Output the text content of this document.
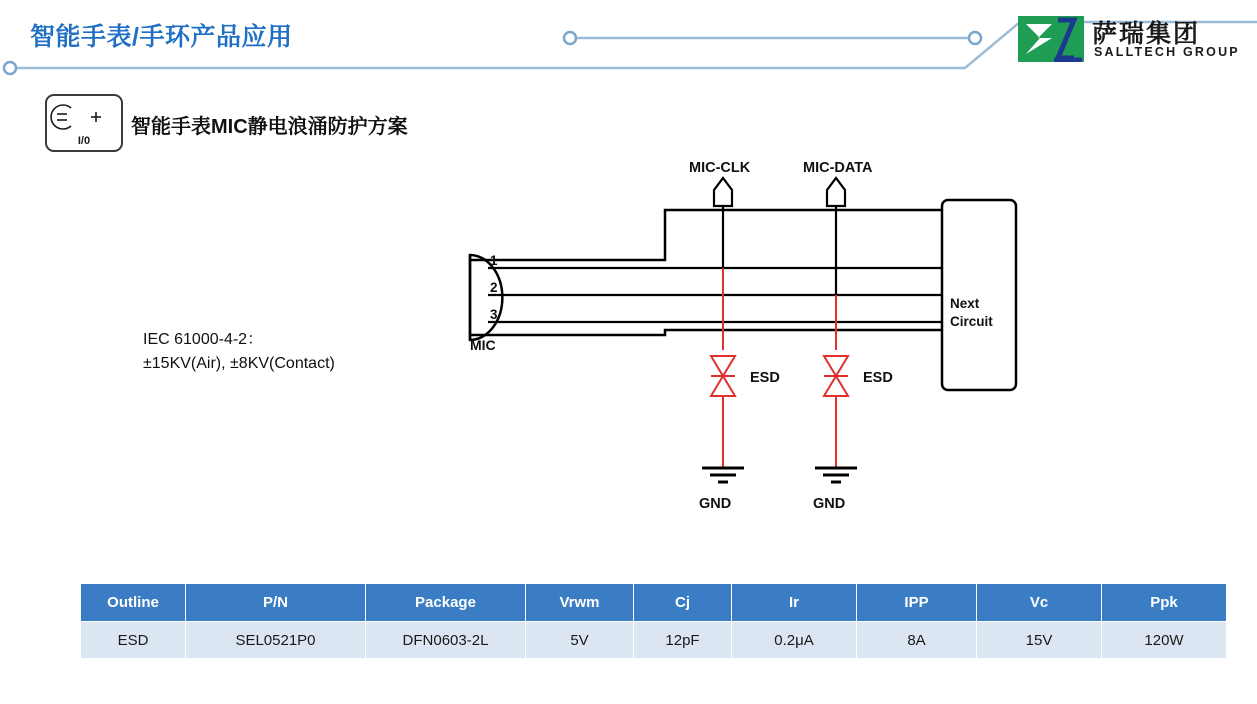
智能手表/手环产品应用	萨瑞集团
SALLTECH GROUP
I/0
智能手表MIC静电浪涌防护方案
IEC 61000-4-2：
±15KV(Air), ±8KV(Contact)
Next
Circuit
1
2
3
MIC
MIC-CLK	MIC-DATA
ESD
GND
ESD
GND
Outline	P/N	Package	Vrwm	Cj	Ir	IPP	Vc	Ppk
ESD	SEL0521P0	DFN0603-2L	5V	12pF	0.2μA	8A	15V	120W
